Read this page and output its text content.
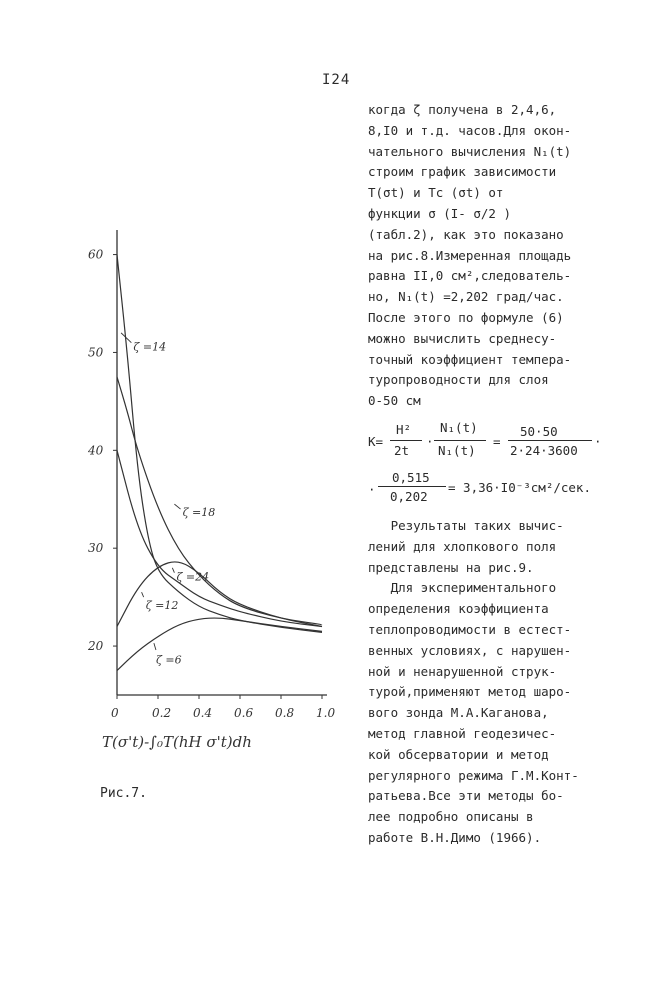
I24
20
30
40
50
60
0	0.2 0.4 0.6 0.8 1.0
ζ =14
ζ =18
ζ =24
ζ =12
ζ =6
T(σ't)-∫₀T(hH σ't)dh
Рис.7.
когда ζ получена в 2,4,6,
8,I0 и т.д. часов.Для окон-
чательного вычисления N₁(t)
строим график зависимости
T(σt) и Tc (σt) от
функции σ (I- σ/2 )
(табл.2), как это показано
на рис.8.Измеренная площадь
равна II,0 см²,следователь-
но, N₁(t) =2,202 град/час.
После этого по формуле (6)
можно вычислить среднесу-
точный коэффициент темпера-
туропроводности для слоя
0-50 см
K=
H²
2t
·
N₁(t)
N₁(t)
=
50·50
2·24·3600
·
·
0,515
0,202
= 3,36·I0⁻³см²/сек.
Результаты таких вычис-
лений для хлопкового поля
представлены на рис.9.
Для экспериментального
определения коэффициента
теплопроводимости в естест-
венных условиях, с нарушен-
ной и ненарушенной струк-
турой,применяют метод шаро-
вого зонда М.А.Каганова,
метод главной геодезичес-
кой обсерватории и метод
регулярного режима Г.М.Конт-
ратьева.Все эти методы бо-
лее подробно описаны в
работе В.Н.Димо (1966).
